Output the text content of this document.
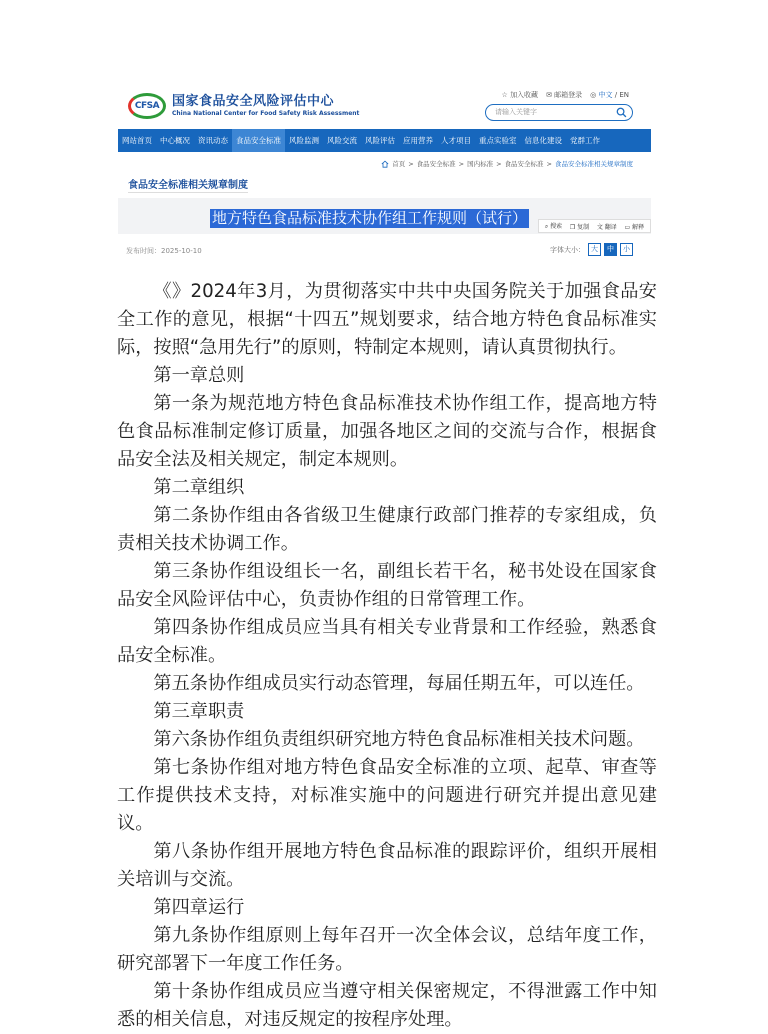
CFSA 国家食品安全风险评估中心
China National Center for Food Safety Risk Assessment
☆ 加入收藏 ✉ 邮箱登录 ◎ 中文 / EN
请输入关键字
网站首页	中心概况	资讯动态	食品安全标准	风险监测	风险交流	风险评估	应用营养	人才项目	重点实验室	信息化建设	党群工作
首页 > 食品安全标准 > 国内标准 > 食品安全标准 > 食品安全标准相关规章制度
食品安全标准相关规章制度
地方特色食品标准技术协作组工作规则（试行）	⌕ 搜索 ❐ 复制 文 翻译 ▭ 解释
发布时间：2025-10-10	字体大小： 大	中	小

《》2024年3月，为贯彻落实中共中央国务院关于加强食品安全工作的意见，根据“十四五”规划要求，结合地方特色食品标准实际，按照“急用先行”的原则，特制定本规则，请认真贯彻执行。

第一章总则

第一条为规范地方特色食品标准技术协作组工作，提高地方特色食品标准制定修订质量，加强各地区之间的交流与合作，根据食品安全法及相关规定，制定本规则。

第二章组织

第二条协作组由各省级卫生健康行政部门推荐的专家组成，负责相关技术协调工作。

第三条协作组设组长一名，副组长若干名，秘书处设在国家食品安全风险评估中心，负责协作组的日常管理工作。

第四条协作组成员应当具有相关专业背景和工作经验，熟悉食品安全标准。

第五条协作组成员实行动态管理，每届任期五年，可以连任。

第三章职责

第六条协作组负责组织研究地方特色食品标准相关技术问题。

第七条协作组对地方特色食品安全标准的立项、起草、审查等工作提供技术支持，对标准实施中的问题进行研究并提出意见建议。

第八条协作组开展地方特色食品标准的跟踪评价，组织开展相关培训与交流。

第四章运行

第九条协作组原则上每年召开一次全体会议，总结年度工作，研究部署下一年度工作任务。

第十条协作组成员应当遵守相关保密规定，不得泄露工作中知悉的相关信息，对违反规定的按程序处理。
